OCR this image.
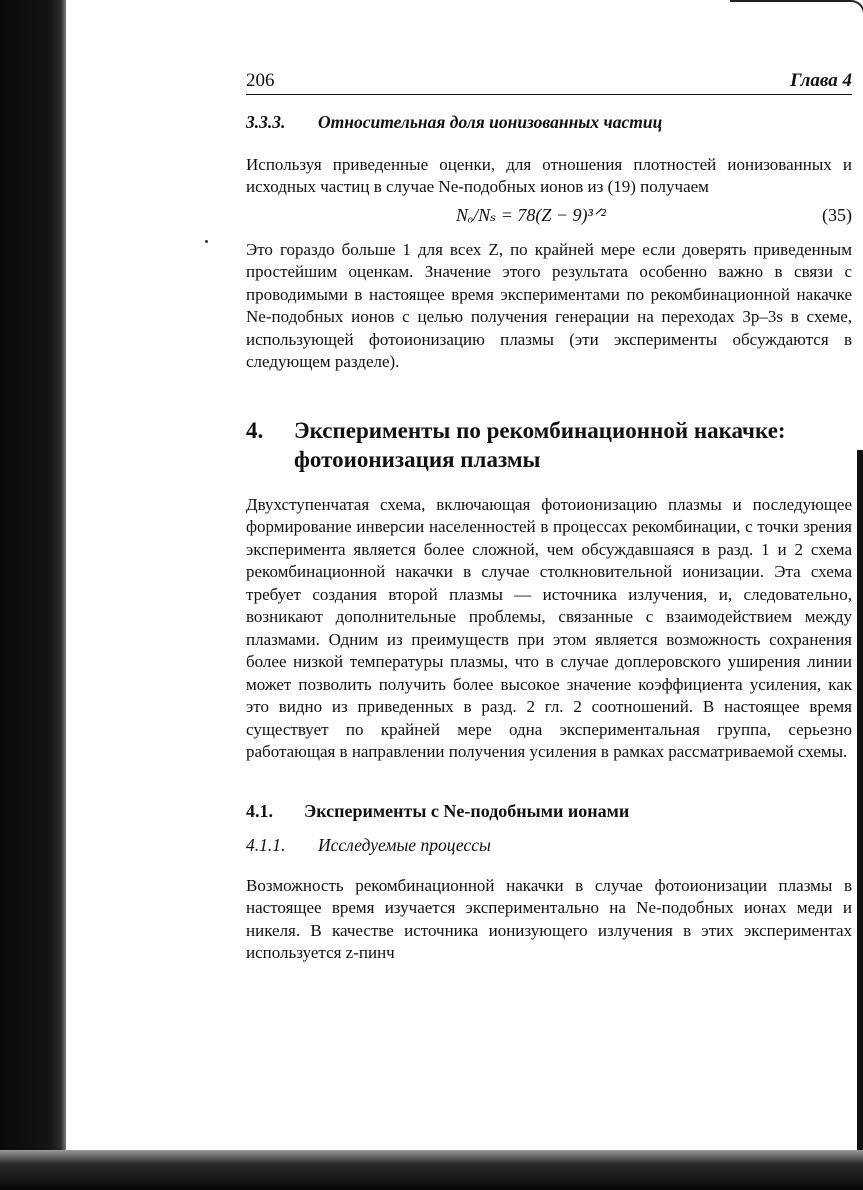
206	Глава 4
3.3.3. Относительная доля ионизованных частиц

Используя приведенные оценки, для отношения плотностей ионизованных и исходных частиц в случае Ne-подобных ионов из (19) получаем

Nₒ/Nₛ = 78(Z − 9)³ᐟ²	(35)

Это гораздо больше 1 для всех Z, по крайней мере если доверять приведенным простейшим оценкам. Значение этого результата особенно важно в связи с проводимыми в настоящее время экспериментами по рекомбинационной накачке Ne-подобных ионов с целью получения генерации на переходах 3p–3s в схеме, использующей фотоионизацию плазмы (эти эксперименты обсуждаются в следующем разделе).

4.	Эксперименты по рекомбинационной накачке: фотоионизация плазмы

Двухступенчатая схема, включающая фотоионизацию плазмы и последующее формирование инверсии населенностей в процессах рекомбинации, с точки зрения эксперимента является более сложной, чем обсуждавшаяся в разд. 1 и 2 схема рекомбинационной накачки в случае столкновительной ионизации. Эта схема требует создания второй плазмы — источника излучения, и, следовательно, возникают дополнительные проблемы, связанные с взаимодействием между плазмами. Одним из преимуществ при этом является возможность сохранения более низкой температуры плазмы, что в случае доплеровского уширения линии может позволить получить более высокое значение коэффициента усиления, как это видно из приведенных в разд. 2 гл. 2 соотношений. В настоящее время существует по крайней мере одна экспериментальная группа, серьезно работающая в направлении получения усиления в рамках рассматриваемой схемы.

4.1. Эксперименты с Ne-подобными ионами
4.1.1. Исследуемые процессы

Возможность рекомбинационной накачки в случае фотоионизации плазмы в настоящее время изучается экспериментально на Ne-подобных ионах меди и никеля. В качестве источника ионизующего излучения в этих экспериментах используется z-пинч
